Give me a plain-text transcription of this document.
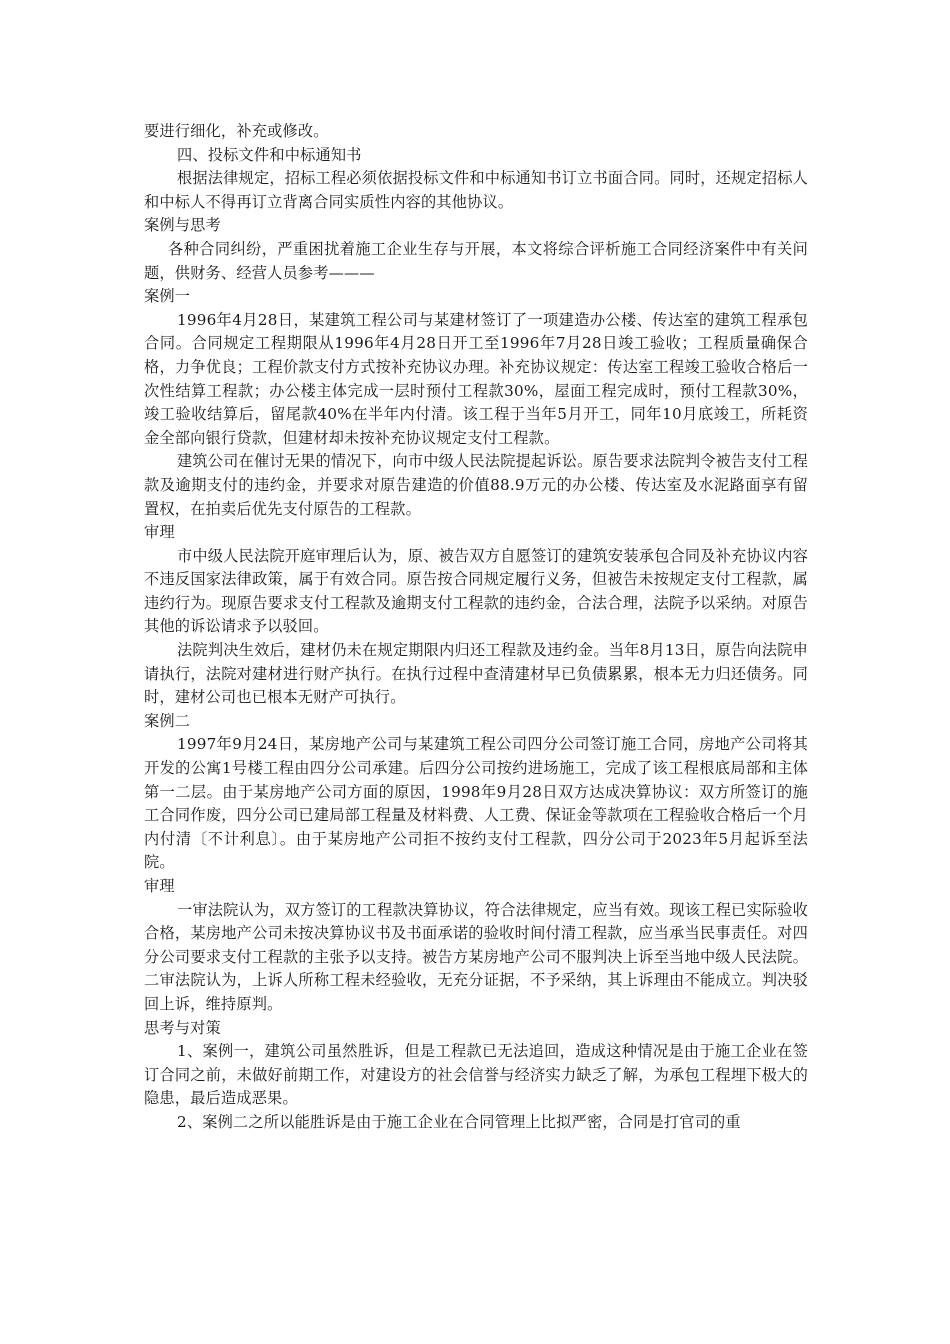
要进行细化，补充或修改。

四、投标文件和中标通知书

根据法律规定，招标工程必须依据投标文件和中标通知书订立书面合同。同时，还规定招标人和中标人不得再订立背离合同实质性内容的其他协议。

案例与思考

各种合同纠纷，严重困扰着施工企业生存与开展，本文将综合评析施工合同经济案件中有关问题，供财务、经营人员参考———

案例一

1996年4月28日，某建筑工程公司与某建材签订了一项建造办公楼、传达室的建筑工程承包合同。合同规定工程期限从1996年4月28日开工至1996年7月28日竣工验收；工程质量确保合格，力争优良；工程价款支付方式按补充协议办理。补充协议规定：传达室工程竣工验收合格后一次性结算工程款；办公楼主体完成一层时预付工程款30%，屋面工程完成时，预付工程款30%，竣工验收结算后，留尾款40%在半年内付清。该工程于当年5月开工，同年10月底竣工，所耗资金全部向银行贷款，但建材却未按补充协议规定支付工程款。

建筑公司在催讨无果的情况下，向市中级人民法院提起诉讼。原告要求法院判令被告支付工程款及逾期支付的违约金，并要求对原告建造的价值88.9万元的办公楼、传达室及水泥路面享有留置权，在拍卖后优先支付原告的工程款。

审理

市中级人民法院开庭审理后认为，原、被告双方自愿签订的建筑安装承包合同及补充协议内容不违反国家法律政策，属于有效合同。原告按合同规定履行义务，但被告未按规定支付工程款，属违约行为。现原告要求支付工程款及逾期支付工程款的违约金，合法合理，法院予以采纳。对原告其他的诉讼请求予以驳回。

法院判决生效后，建材仍未在规定期限内归还工程款及违约金。当年8月13日，原告向法院申请执行，法院对建材进行财产执行。在执行过程中查清建材早已负债累累，根本无力归还债务。同时，建材公司也已根本无财产可执行。

案例二

1997年9月24日，某房地产公司与某建筑工程公司四分公司签订施工合同，房地产公司将其开发的公寓1号楼工程由四分公司承建。后四分公司按约进场施工，完成了该工程根底局部和主体第一二层。由于某房地产公司方面的原因，1998年9月28日双方达成决算协议：双方所签订的施工合同作废，四分公司已建局部工程量及材料费、人工费、保证金等款项在工程验收合格后一个月内付清〔不计利息〕。由于某房地产公司拒不按约支付工程款，四分公司于2023年5月起诉至法院。

审理

一审法院认为，双方签订的工程款决算协议，符合法律规定，应当有效。现该工程已实际验收合格，某房地产公司未按决算协议书及书面承诺的验收时间付清工程款，应当承当民事责任。对四分公司要求支付工程款的主张予以支持。被告方某房地产公司不服判决上诉至当地中级人民法院。二审法院认为，上诉人所称工程未经验收，无充分证据，不予采纳，其上诉理由不能成立。判决驳回上诉，维持原判。

思考与对策

1、案例一，建筑公司虽然胜诉，但是工程款已无法追回，造成这种情况是由于施工企业在签订合同之前，未做好前期工作，对建设方的社会信誉与经济实力缺乏了解，为承包工程埋下极大的隐患，最后造成恶果。

2、案例二之所以能胜诉是由于施工企业在合同管理上比拟严密，合同是打官司的重
